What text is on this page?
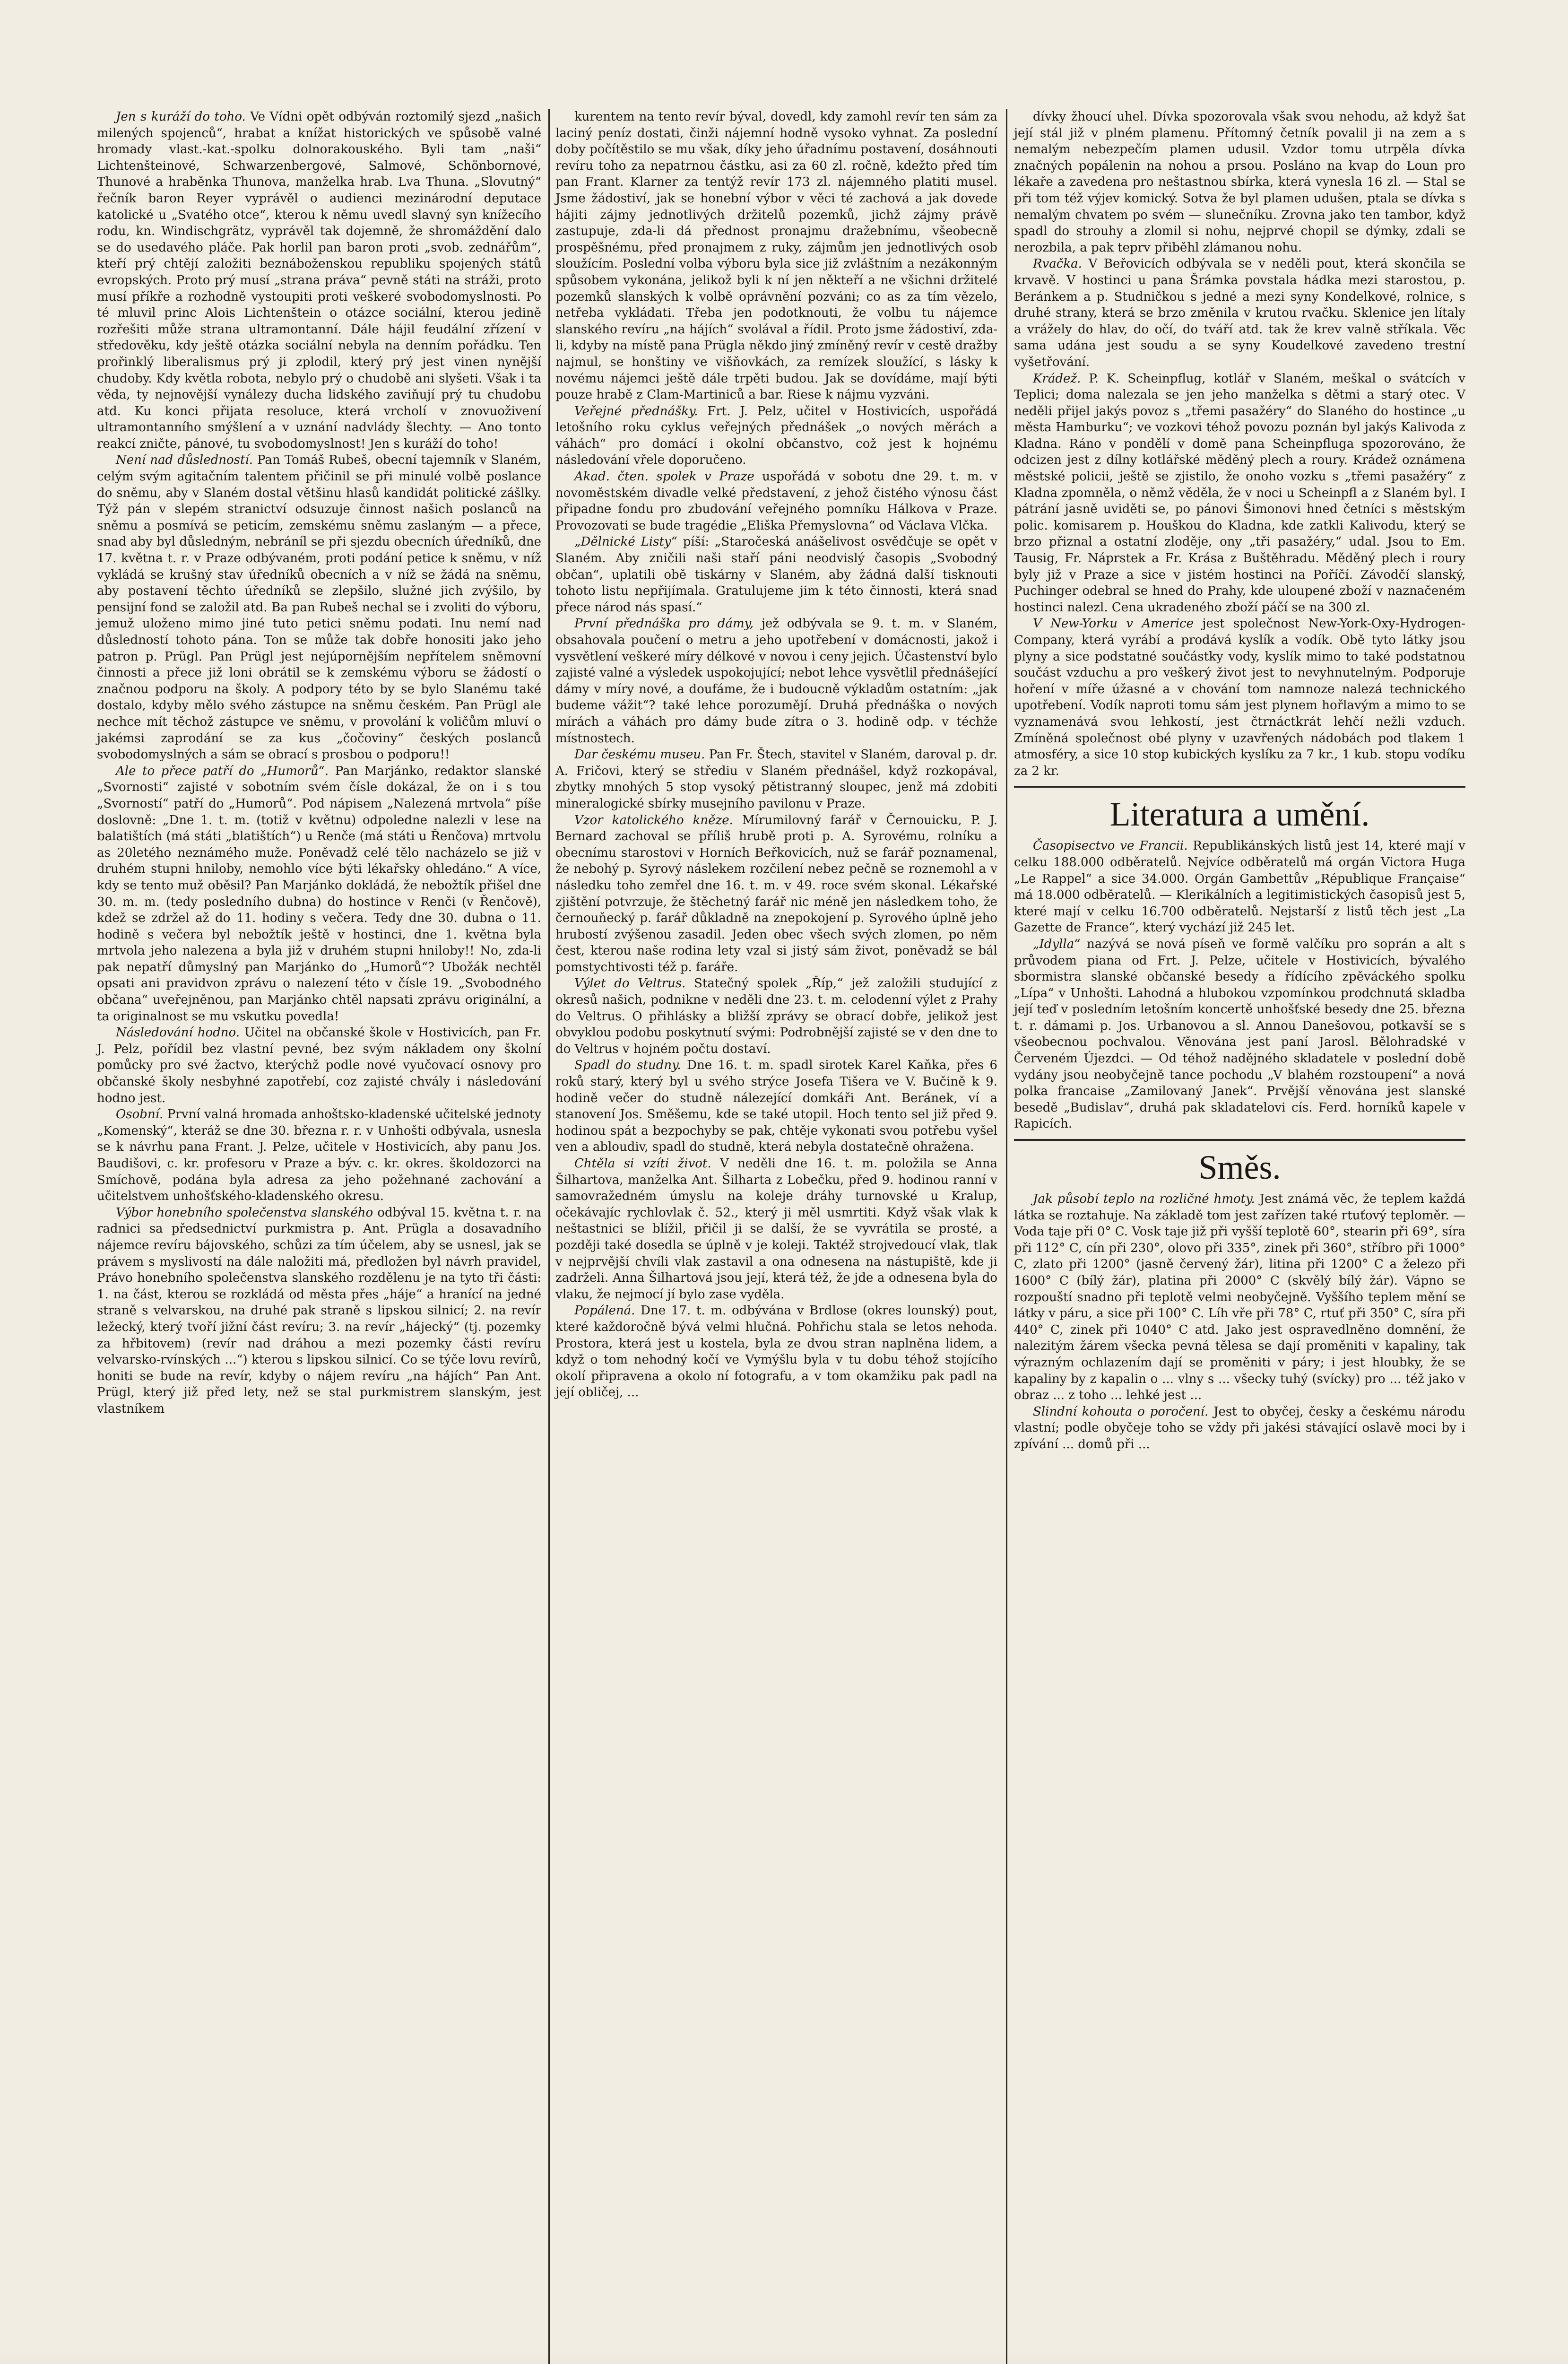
Jen s kuráží do toho. Ve Vídni opět odbýván roztomilý sjezd „našich milených spojenců“, hrabat a knížat historických ve spůsobě valné hromady vlast.-kat.-spolku dolnorakouského. Byli tam „naši“ Lichtenšteinové, Schwarzenbergové, Salmové, Schönbornové, Thunové a hraběnka Thunova, manželka hrab. Lva Thuna. „Slovutný“ řečník baron Reyer vyprávěl o audienci mezinárodní deputace katolické u „Svatého otce“, kterou k němu uvedl slavný syn knížecího rodu, kn. Windischgrätz, vyprávěl tak dojemně, že shromáždění dalo se do usedavého pláče. Pak horlil pan baron proti „svob. zednářům“, kteří prý chtějí založiti beznáboženskou republiku spojených států evropských. Proto prý musí „strana práva“ pevně státi na stráži, proto musí příkře a rozhodně vystoupiti proti veškeré svobodomyslnosti. Po té mluvil princ Alois Lichtenštein o otázce sociální, kterou jedině rozřešiti může strana ultramontanní. Dále hájil feudální zřízení v středověku, kdy ještě otázka sociální nebyla na denním pořádku. Ten prořinklý liberalismus prý ji zplodil, který prý jest vinen nynější chudoby. Kdy květla robota, nebylo prý o chudobě ani slyšeti. Však i ta věda, ty nejnovější vynálezy ducha lidského zaviňují prý tu chudobu atd. Ku konci přijata resoluce, která vrcholí v znovuoživení ultramontanního smýšlení a v uznání nadvlády šlechty. — Ano tonto reakcí zničte, pánové, tu svobodomyslnost! Jen s kuráží do toho!

Není nad důsledností. Pan Tomáš Rubeš, obecní tajemník v Slaném, celým svým agitačním talentem přičinil se při minulé volbě poslance do sněmu, aby v Slaném dostal většinu hlasů kandidát politické zášlky. Týž pán v slepém stranictví odsuzuje činnost našich poslanců na sněmu a posmívá se peticím, zemskému sněmu zaslaným — a přece, snad aby byl důsledným, nebráníl se při sjezdu obecních úředníků, dne 17. května t. r. v Praze odbývaném, proti podání petice k sněmu, v níž vykládá se krušný stav úředníků obecních a v níž se žádá na sněmu, aby postavení těchto úředníků se zlepšilo, služné jich zvýšilo, by pensijní fond se založil atd. Ba pan Rubeš nechal se i zvoliti do výboru, jemuž uloženo mimo jiné tuto petici sněmu podati. Inu nemí nad důsledností tohoto pána. Ton se může tak dobře honositi jako jeho patron p. Prügl. Pan Prügl jest nejúpornějším nepřítelem sněmovní činnosti a přece již loni obrátil se k zemskému výboru se žádostí o značnou podporu na školy. A podpory této by se bylo Slanému také dostalo, kdyby mělo svého zástupce na sněmu českém. Pan Prügl ale nechce mít těchož zástupce ve sněmu, v provolání k voličům mluví o jakémsi zaprodání se za kus „čočoviny“ českých poslanců svobodomyslných a sám se obrací s prosbou o podporu!!

Ale to přece patří do „Humorů“. Pan Marjánko, redaktor slanské „Svornosti“ zajisté v sobotním svém čísle dokázal, že on i s tou „Svorností“ patří do „Humorů“. Pod nápisem „Nalezená mrtvola“ píše doslovně: „Dne 1. t. m. (totiž v květnu) odpoledne nalezli v lese na balatištích (má státi „blatištích“) u Renče (má státi u Řenčova) mrtvolu as 20letého neznámého muže. Poněvadž celé tělo nacházelo se již v druhém stupni hniloby, nemohlo více býti lékařsky ohledáno.“ A více, kdy se tento muž oběsil? Pan Marjánko dokládá, že nebožtík přišel dne 30. m. m. (tedy posledního dubna) do hostince v Renči (v Řenčově), kdež se zdržel až do 11. hodiny s večera. Tedy dne 30. dubna o 11. hodině s večera byl nebožtík ještě v hostinci, dne 1. května byla mrtvola jeho nalezena a byla již v druhém stupni hniloby!! No, zda-li pak nepatří důmyslný pan Marjánko do „Humorů“? Ubožák nechtěl opsati ani pravidvon zprávu o nalezení této v čísle 19. „Svobodného občana“ uveřejněnou, pan Marjánko chtěl napsati zprávu originální, a ta originalnost se mu vskutku povedla!

Následování hodno. Učitel na občanské škole v Hostivicích, pan Fr. J. Pelz, pořídil bez vlastní pevné, bez svým nákladem ony školní pomůcky pro své žactvo, kterýchž podle nové vyučovací osnovy pro občanské školy nesbyhné zapotřebí, coz zajisté chvály i následování hodno jest.

Osobní. První valná hromada anhoštsko-kladenské učitelské jednoty „Komenský“, kteráž se dne 30. března r. r. v Unhošti odbývala, usnesla se k návrhu pana Frant. J. Pelze, učitele v Hostivicích, aby panu Jos. Baudišovi, c. kr. profesoru v Praze a býv. c. kr. okres. školdozorci na Smíchově, podána byla adresa za jeho požehnané zachování a učitelstvem unhošťského-kladenského okresu.

Výbor honebního společenstva slanského odbýval 15. května t. r. na radnici sa předsednictví purkmistra p. Ant. Prügla a dosavadního nájemce revíru bájovského, schůzi za tím účelem, aby se usnesl, jak se právem s myslivostí na dále naložiti má, předložen byl návrh pravidel, Právo honebního společenstva slanského rozdělenu je na tyto tři části: 1. na část, kterou se rozkládá od města přes „háje“ a hranící na jedné straně s velvarskou, na druhé pak straně s lipskou silnicí; 2. na revír ležecký, který tvoří jižní část revíru; 3. na revír „hájecký“ (tj. pozemky za hřbitovem) (revír nad dráhou a mezi pozemky části revíru velvarsko-rvínských ...“) kterou s lipskou silnicí. Co se týče lovu revírů, honiti se bude na revír, kdyby o nájem revíru „na hájích“ Pan Ant. Prügl, který již před lety, než se stal purkmistrem slanským, jest vlastníkem

kurentem na tento revír býval, dovedl, kdy zamohl revír ten sám za laciný peníz dostati, činži nájemní hodně vysoko vyhnat. Za poslední doby počítěstilo se mu však, díky jeho úřadnímu postavení, dosáhnouti revíru toho za nepatrnou částku, asi za 60 zl. ročně, kdežto před tím pan Frant. Klarner za tentýž revír 173 zl. nájemného platiti musel. Jsme žádostiví, jak se honební výbor v věci té zachová a jak dovede hájiti zájmy jednotlivých držitelů pozemků, jichž zájmy právě zastupuje, zda-li dá přednost pronajmu dražebnímu, všeobecně prospěšnému, před pronajmem z ruky, zájmům jen jednotlivých osob sloužícím. Poslední volba výboru byla sice již zvláštním a nezákonným spůsobem vykonána, jelikož byli k ní jen někteří a ne všichni držitelé pozemků slanských k volbě oprávnění pozváni; co as za tím vězelo, netřeba vykládati. Třeba jen podotknouti, že volbu tu nájemce slanského revíru „na hájích“ svolával a řídil. Proto jsme žádostiví, zda-li, kdyby na místě pana Prügla někdo jiný zmíněný revír v cestě dražby najmul, se honštiny ve višňovkách, za remízek sloužící, s lásky k novému nájemci ještě dále trpěti budou. Jak se dovídáme, mají býti pouze hrabě z Clam-Martiniců a bar. Riese k nájmu vyzváni.

Veřejné přednášky. Frt. J. Pelz, učitel v Hostivicích, uspořádá letošního roku cyklus veřejných přednášek „o nových měrách a váhách“ pro domácí i okolní občanstvo, což jest k hojnému následování vřele doporučeno.

Akad. čten. spolek v Praze uspořádá v sobotu dne 29. t. m. v novoměstském divadle velké představení, z jehož čistého výnosu část připadne fondu pro zbudování veřejného pomníku Hálkova v Praze. Provozovati se bude tragédie „Eliška Přemyslovna“ od Václava Vlčka.

„Dělnické Listy“ píší: „Staročeská anášelivost osvědčuje se opět v Slaném. Aby zničili naši staří páni neodvislý časopis „Svobodný občan“, uplatili obě tiskárny v Slaném, aby žádná další tisknouti tohoto listu nepřijímala. Gratulujeme jim k této činnosti, která snad přece národ nás spasí.“

První přednáška pro dámy, jež odbývala se 9. t. m. v Slaném, obsahovala poučení o metru a jeho upotřebení v domácnosti, jakož i vysvětlení veškeré míry délkové v novou i ceny jejich. Účastenství bylo zajisté valné a výsledek uspokojující; nebot lehce vysvětlil přednášející dámy v míry nové, a doufáme, že i budoucně výkladům ostatním: „jak budeme vážit“? také lehce porozumějí. Druhá přednáška o nových mírách a váhách pro dámy bude zítra o 3. hodině odp. v téchže místnostech.

Dar českému museu. Pan Fr. Štech, stavitel v Slaném, daroval p. dr. A. Fričovi, který se střediu v Slaném přednášel, když rozkopával, zbytky mnohých 5 stop vysoký pětistranný sloupec, jenž má zdobiti mineralogické sbírky musejního pavilonu v Praze.

Vzor katolického kněze. Mírumilovný farář v Černouicku, P. J. Bernard zachoval se příliš hrubě proti p. A. Syrovému, rolníku a obecnímu starostovi v Horních Beřkovicích, nuž se farář poznamenal, že nebohý p. Syrový náslekem rozčilení nebez pečně se roznemohl a v následku toho zemřel dne 16. t. m. v 49. roce svém skonal. Lékařské zjištění potvrzuje, že štěchetný farář nic méně jen následkem toho, že černouňecký p. farář důkladně na znepokojení p. Syrového úplně jeho hrubostí zvýšenou zasadil. Jeden obec všech svých zlomen, po něm čest, kterou naše rodina lety vzal si jistý sám život, poněvadž se bál pomstychtivosti též p. faráře.

Výlet do Veltrus. Statečný spolek „Říp,“ jež založili studující z okresů našich, podnikne v neděli dne 23. t. m. celodenní výlet z Prahy do Veltrus. O přihlásky a bližší zprávy se obrací dobře, jelikož jest obvyklou podobu poskytnutí svými: Podrobnější zajisté se v den dne to do Veltrus v hojném počtu dostaví.

Spadl do studny. Dne 16. t. m. spadl sirotek Karel Kaňka, přes 6 roků starý, který byl u svého strýce Josefa Tišera ve V. Bučině k 9. hodině večer do studně nálezející domkáři Ant. Beránek, ví a stanovení Jos. Směšemu, kde se také utopil. Hoch tento sel již před 9. hodinou spát a bezpochyby se pak, chtěje vykonati svou potřebu vyšel ven a abloudiv, spadl do studně, která nebyla dostatečně ohražena.

Chtěla si vzíti život. V neděli dne 16. t. m. položila se Anna Šilhartova, manželka Ant. Šilharta z Lobečku, před 9. hodinou ranní v samovražedném úmyslu na koleje dráhy turnovské u Kralup, očekávajíc rychlovlak č. 52., který ji měl usmrtiti. Když však vlak k neštastnici se blížil, přičil ji se další, že se vyvrátila se prosté, a později také dosedla se úplně v je koleji. Taktéž strojvedoucí vlak, tlak v nejprvější chvíli vlak zastavil a ona odnesena na nástupiště, kde ji zadrželi. Anna Šilhartová jsou její, která též, že jde a odnesena byla do vlaku, že nejmocí jí bylo zase vyděla.

Popálená. Dne 17. t. m. odbývána v Brdlose (okres lounský) pout, které každoročně bývá velmi hlučná. Pohřichu stala se letos nehoda. Prostora, která jest u kostela, byla ze dvou stran naplněna lidem, a když o tom nehodný kočí ve Vymýšlu byla v tu dobu téhož stojícího okolí připravena a okolo ní fotografu, a v tom okamžiku pak padl na její obličej, ...

dívky žhoucí uhel. Dívka spozorovala však svou nehodu, až když šat její stál již v plném plamenu. Přítomný četník povalil ji na zem a s nemalým nebezpečím plamen udusil. Vzdor tomu utrpěla dívka značných popálenin na nohou a prsou. Posláno na kvap do Loun pro lékaře a zavedena pro neštastnou sbírka, která vynesla 16 zl. — Stal se při tom též výjev komický. Sotva že byl plamen udušen, ptala se dívka s nemalým chvatem po svém — slunečníku. Zrovna jako ten tambor, když spadl do strouhy a zlomil si nohu, nejprvé chopil se dýmky, zdali se nerozbila, a pak teprv přiběhl zlámanou nohu.

Rvačka. V Beřovicích odbývala se v neděli pout, která skončila se krvavě. V hostinci u pana Šrámka povstala hádka mezi starostou, p. Beránkem a p. Studničkou s jedné a mezi syny Kondelkové, rolnice, s druhé strany, která se brzo změnila v krutou rvačku. Sklenice jen lítaly a vrážely do hlav, do očí, do tváří atd. tak že krev valně stříkala. Věc sama udána jest soudu a se syny Koudelkové zavedeno trestní vyšetřování.

Krádež. P. K. Scheinpflug, kotlář v Slaném, meškal o svátcích v Teplici; doma nalezala se jen jeho manželka s dětmi a starý otec. V neděli přijel jakýs povoz s „třemi pasažéry“ do Slaného do hostince „u města Hamburku“; ve vozkovi téhož povozu poznán byl jakýs Kalivoda z Kladna. Ráno v pondělí v domě pana Scheinpfluga spozorováno, že odcizen jest z dílny kotlářské měděný plech a roury. Krádež oznámena městské policii, ještě se zjistilo, že onoho vozku s „třemi pasažéry“ z Kladna zpomněla, o němž věděla, že v noci u Scheinpfl a z Slaném byl. I pátrání jasně uviděti se, po pánovi Šimonovi hned četníci s městským polic. komisarem p. Houškou do Kladna, kde zatkli Kalivodu, který se brzo přiznal a ostatní zloděje, ony „tři pasažéry,“ udal. Jsou to Em. Tausig, Fr. Náprstek a Fr. Krása z Buštěhradu. Měděný plech i roury byly již v Praze a sice v jistém hostinci na Poříčí. Závodčí slanský, Puchinger odebral se hned do Prahy, kde uloupené zboží v naznačeném hostinci nalezl. Cena ukradeného zboží páčí se na 300 zl.

V New-Yorku v Americe jest společnost New-York-Oxy-Hydrogen-Company, která vyrábí a prodává kyslík a vodík. Obě tyto látky jsou plyny a sice podstatné součástky vody, kyslík mimo to také podstatnou součást vzduchu a pro veškerý život jest to nevyhnutelným. Podporuje hoření v míře úžasné a v chování tom namnoze nalezá technického upotřebení. Vodík naproti tomu sám jest plynem hořlavým a mimo to se vyznamenává svou lehkostí, jest čtrnáctkrát lehčí nežli vzduch. Zmíněná společnost obé plyny v uzavřených nádobách pod tlakem 1 atmosféry, a sice 10 stop kubických kyslíku za 7 kr., 1 kub. stopu vodíku za 2 kr.

Literatura a umění.

Časopisectvo ve Francii. Republikánských listů jest 14, které mají v celku 188.000 odběratelů. Nejvíce odběratelů má orgán Victora Huga „Le Rappel“ a sice 34.000. Orgán Gambettův „République Française“ má 18.000 odběratelů. — Klerikálních a legitimistických časopisů jest 5, které mají v celku 16.700 odběratelů. Nejstarší z listů těch jest „La Gazette de France“, který vychází již 245 let.

„Idylla“ nazývá se nová píseň ve formě valčíku pro soprán a alt s průvodem piana od Frt. J. Pelze, učitele v Hostivicích, bývalého sbormistra slanské občanské besedy a řídícího zpěváckého spolku „Lípa“ v Unhošti. Lahodná a hlubokou vzpomínkou prodchnutá skladba její teď v posledním letošním koncertě unhošťské besedy dne 25. března t. r. dámami p. Jos. Urbanovou a sl. Annou Danešovou, potkavší se s všeobecnou pochvalou. Věnována jest paní Jarosl. Bělohradské v Červeném Újezdci. — Od téhož nadějného skladatele v poslední době vydány jsou neobyčejně tance pochodu „V blahém rozstoupení“ a nová polka francaise „Zamilovaný Janek“. Prvější věnována jest slanské besedě „Budislav“, druhá pak skladatelovi cís. Ferd. horníků kapele v Rapicích.

Směs.

Jak působí teplo na rozličné hmoty. Jest známá věc, že teplem každá látka se roztahuje. Na základě tom jest zařízen také rtuťový teploměr. — Voda taje při 0° C. Vosk taje již při vyšší teplotě 60°, stearin při 69°, síra při 112° C, cín při 230°, olovo při 335°, zinek při 360°, stříbro při 1000° C, zlato při 1200° (jasně červený žár), litina při 1200° C a železo při 1600° C (bílý žár), platina při 2000° C (skvělý bílý žár). Vápno se rozpouští snadno při teplotě velmi neobyčejně. Vyššího teplem mění se látky v páru, a sice při 100° C. Líh vře při 78° C, rtuť při 350° C, síra při 440° C, zinek při 1040° C atd. Jako jest ospravedlněno domnění, že nalezitým žárem všecka pevná tělesa se dají proměniti v kapaliny, tak výrazným ochlazením dají se proměniti v páry; i jest hloubky, že se kapaliny by z kapalin o ... vlny s ... všecky tuhý (svícky) pro ... též jako v obraz ... z toho ... lehké jest ...

Slindní kohouta o poročení. Jest to obyčej, česky a českému národu vlastní; podle obyčeje toho se vždy při jakési stávající oslavě moci by i zpívání ... domů při ...
